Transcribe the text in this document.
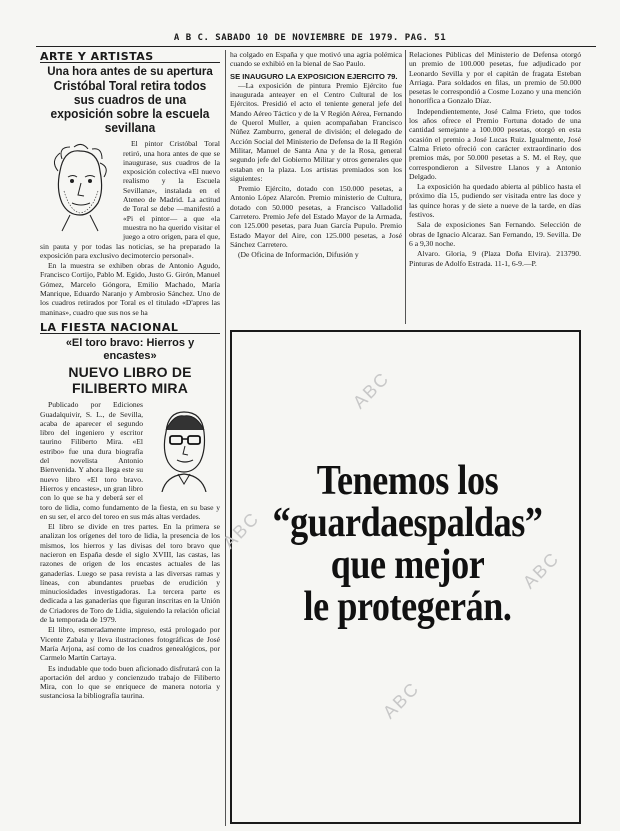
A B C. SABADO 10 DE NOVIEMBRE DE 1979. PAG. 51
ARTE Y ARTISTAS
Una hora antes de su apertura
Cristóbal Toral retira todos sus cuadros de una exposición sobre la escuela sevillana

El pintor Cristóbal Toral retiró, una hora antes de que se inaugurase, sus cuadros de la exposición colectiva «El nuevo realismo y la Escuela Sevillana», instalada en el Ateneo de Madrid. La actitud de Toral se debe —manifestó a «Pi el pintor— a que «la muestra no ha querido visitar el juego a otro origen, para el que, sin pauta y por todas las noticias, se ha preparado la exposición para exclusivo decimotercio personal».

En la muestra se exhiben obras de Antonio Agudo, Francisco Cortijo, Pablo M. Egido, Justo G. Girón, Manuel Gómez, Marcelo Góngora, Emilio Machado, María Manrique, Eduardo Naranjo y Ambrosio Sánchez. Uno de los cuadros retirados por Toral es el titulado «D'apres las maninas», cuadro que sus nos se ha

LA FIESTA NACIONAL
«El toro bravo: Hierros y encastes»
NUEVO LIBRO DE FILIBERTO MIRA

Publicado por Ediciones Guadalquivir, S. L., de Sevilla, acaba de aparecer el segundo libro del ingeniero y escritor taurino Filiberto Mira. «El estribo» fue una dura biografía del novelista Antonio Bienvenida. Y ahora llega este su nuevo libro «El toro bravo. Hierros y encastes», un gran libro con lo que se ha y deberá ser el toro de lidia, como fundamento de la fiesta, en su base y en su ser, el arco del toreo en sus más altas verdades.

El libro se divide en tres partes. En la primera se analizan los orígenes del toro de lidia, la presencia de los mismos, los hierros y las divisas del toro bravo que nacieron en España desde el siglo XVIII, las castas, las razones de origen de los encastes actuales de las ganaderías. Luego se pasa revista a las diversas ramas y líneas, con abundantes pruebas de erudición y minuciosidades investigadoras. La tercera parte es dedicada a las ganaderías que figuran inscritas en la Unión de Criadores de Toro de Lidia, siguiendo la relación oficial de la temporada de 1979.

El libro, esmeradamente impreso, está prologado por Vicente Zabala y lleva ilustraciones fotográficas de José María Arjona, así como de los cuadros genealógicos, por Carmelo Martín Cartaya.

Es indudable que todo buen aficionado disfrutará con la aportación del arduo y concienzudo trabajo de Filiberto Mira, con lo que se enriquece de manera notoria y sustanciosa la bibliografía taurina.

ha colgado en España y que motivó una agria polémica cuando se exhibió en la bienal de Sao Paulo.

SE INAUGURO LA EXPOSICION EJERCITO 79.

—La exposición de pintura Premio Ejército fue inaugurada anteayer en el Centro Cultural de los Ejércitos. Presidió el acto el teniente general jefe del Mando Aéreo Táctico y de la V Región Aérea, Fernando de Querol Muller, a quien acompañaban Francisco Núñez Zamburro, general de división; el delegado de Acción Social del Ministerio de Defensa de la II Región Militar, Manuel de Santa Ana y de la Rosa, general segundo jefe del Gobierno Militar y otros generales que estaban en la plaza. Los artistas premiados son los siguientes:

Premio Ejército, dotado con 150.000 pesetas, a Antonio López Alarcón. Premio ministerio de Cultura, dotado con 50.000 pesetas, a Francisco Valladolid Carretero. Premio Jefe del Estado Mayor de la Armada, con 125.000 pesetas, para Juan García Pupulo. Premio Estado Mayor del Aire, con 125.000 pesetas, a José Sánchez Carretero.

(De Oficina de Información, Difusión y

Relaciones Públicas del Ministerio de Defensa otorgó un premio de 100.000 pesetas, fue adjudicado por Leonardo Sevilla y por el capitán de fragata Esteban Arriaga. Para soldados en filas, un premio de 50.000 pesetas le correspondió a Cosme Lozano y una mención honorífica a Gonzalo Díaz.

Independientemente, José Calma Frieto, que todos los años ofrece el Premio Fortuna dotado de una cantidad semejante a 100.000 pesetas, otorgó en esta ocasión el premio a José Lucas Ruiz. Igualmente, José Calma Frieto ofreció con carácter extraordinario dos premios más, por 50.000 pesetas a S. M. el Rey, que correspondieron a Silvestre Llanos y a Antonio Delgado.

La exposición ha quedado abierta al público hasta el próximo día 15, pudiendo ser visitada entre las doce y las quince horas y de siete a nueve de la tarde, en días festivos.

Sala de exposiciones San Fernando. Selección de obras de Ignacio Alcaraz. San Fernando, 19. Sevilla. De 6 a 9,30 noche.

Alvaro. Gloria, 9 (Plaza Doña Elvira). 213790. Pinturas de Adolfo Estrada. 11-1, 6-9.—P.

Tenemos los
“guardaespaldas”
que mejor
le protegerán.
ABC
ABC
ABC
ABC
